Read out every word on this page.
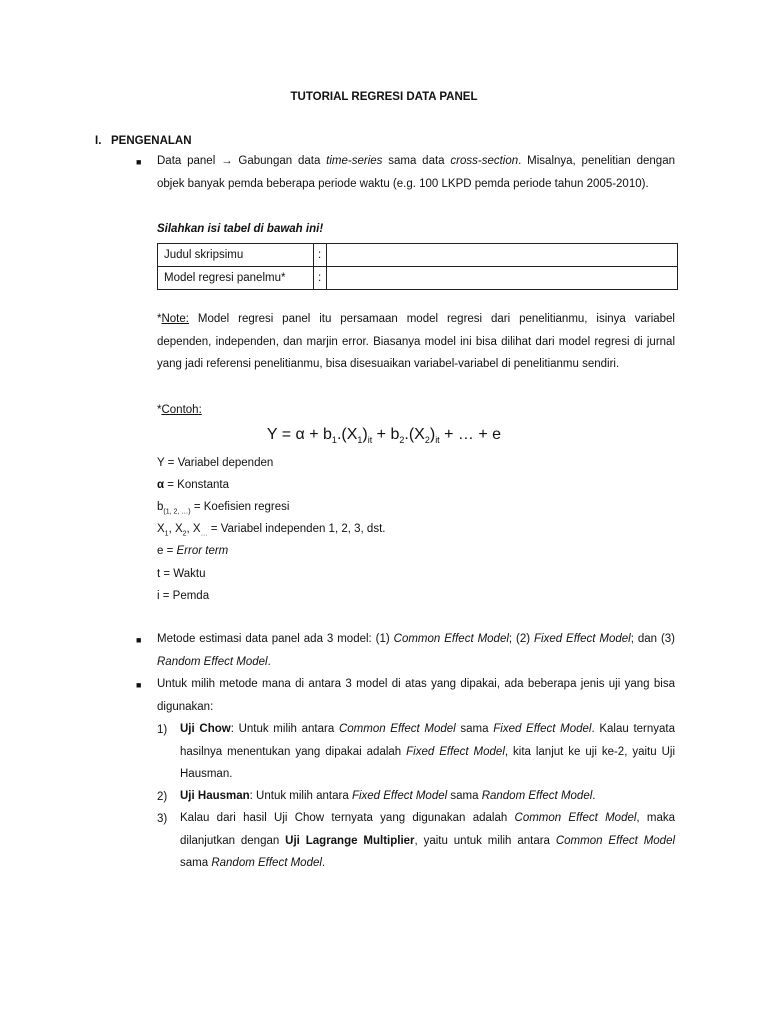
TUTORIAL REGRESI DATA PANEL
I. PENGENALAN
■ Data panel → Gabungan data time-series sama data cross-section. Misalnya, penelitian dengan
objek banyak pemda beberapa periode waktu (e.g. 100 LKPD pemda periode tahun 2005-2010).
Silahkan isi tabel di bawah ini!
Judul skripsimu	:	
Model regresi panelmu*	:	
*Note: Model regresi panel itu persamaan model regresi dari penelitianmu, isinya variabel
dependen, independen, dan marjin error. Biasanya model ini bisa dilihat dari model regresi di jurnal
yang jadi referensi penelitianmu, bisa disesuaikan variabel-variabel di penelitianmu sendiri.
*Contoh:
$Y = \alpha + b_1.(X_1)_{it} + b_2.(X_2)_{it}$ + … + e
Y = Variabel dependen
α = Konstanta
$b_{(1, 2, \dots)}$ = Koefisien regresi
$X_1$, $X_2$, $X_\dots$ = Variabel independen 1, 2, 3, dst.
e = Error term
t = Waktu
i = Pemda
■ Metode estimasi data panel ada 3 model: (1) Common Effect Model; (2) Fixed Effect Model; dan (3)
Random Effect Model.
■ Untuk milih metode mana di antara 3 model di atas yang dipakai, ada beberapa jenis uji yang bisa
digunakan:
1) Uji Chow: Untuk milih antara Common Effect Model sama Fixed Effect Model. Kalau ternyata
hasilnya menentukan yang dipakai adalah Fixed Effect Model, kita lanjut ke uji ke-2, yaitu Uji
Hausman.
2) Uji Hausman: Untuk milih antara Fixed Effect Model sama Random Effect Model.
3) Kalau dari hasil Uji Chow ternyata yang digunakan adalah Common Effect Model, maka
dilanjutkan dengan Uji Lagrange Multiplier, yaitu untuk milih antara Common Effect Model
sama Random Effect Model.
